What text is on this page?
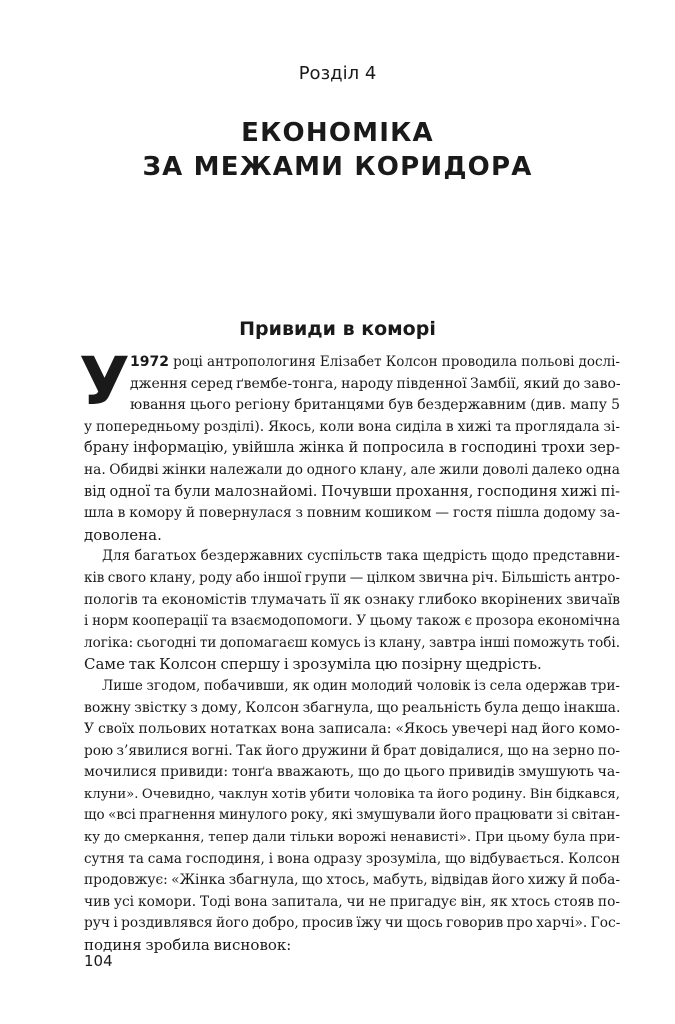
Розділ 4
ЕКОНОМІКА
ЗА МЕЖАМИ КОРИДОРА
Привиди в коморі
У 1972 році антропологиня Елізабет Колсон проводила польові дослі-
дження серед ґвембе-тонга, народу південної Замбії, який до заво-
ювання цього регіону британцями був бездержавним (див. мапу 5
у попередньому розділі). Якось, коли вона сиділа в хижі та проглядала зі-
брану інформацію, увійшла жінка й попросила в господині трохи зер-
на. Обидві жінки належали до одного клану, але жили доволі далеко одна
від одної та були малознайомі. Почувши прохання, господиня хижі пі-
шла в комору й повернулася з повним кошиком — гостя пішла додому за-
доволена.
Для багатьох бездержавних суспільств така щедрість щодо представни-
ків свого клану, роду або іншої групи — цілком звична річ. Більшість антро-
пологів та економістів тлумачать її як ознаку глибоко вкорінених звичаїв
і норм кооперації та взаємодопомоги. У цьому також є прозора економічна
логіка: сьогодні ти допомагаєш комусь із клану, завтра інші поможуть тобі.
Саме так Колсон спершу і зрозуміла цю позірну щедрість.
Лише згодом, побачивши, як один молодий чоловік із села одержав три-
вожну звістку з дому, Колсон збагнула, що реальність була дещо інакша.
У своїх польових нотатках вона записала: «Якось увечері над його комо-
рою з’явилися вогні. Так його дружини й брат довідалися, що на зерно по-
мочилися привиди: тонґа вважають, що до цього привидів змушують ча-
клуни». Очевидно, чаклун хотів убити чоловіка та його родину. Він бідкався,
що «всі прагнення минулого року, які змушували його працювати зі світан-
ку до смеркання, тепер дали тільки ворожі ненависті». При цьому була при-
сутня та сама господиня, і вона одразу зрозуміла, що відбувається. Колсон
продовжує: «Жінка збагнула, що хтось, мабуть, відвідав його хижу й поба-
чив усі комори. Тоді вона запитала, чи не пригадує він, як хтось стояв по-
руч і роздивлявся його добро, просив їжу чи щось говорив про харчі». Гос-
подиня зробила висновок:
104
